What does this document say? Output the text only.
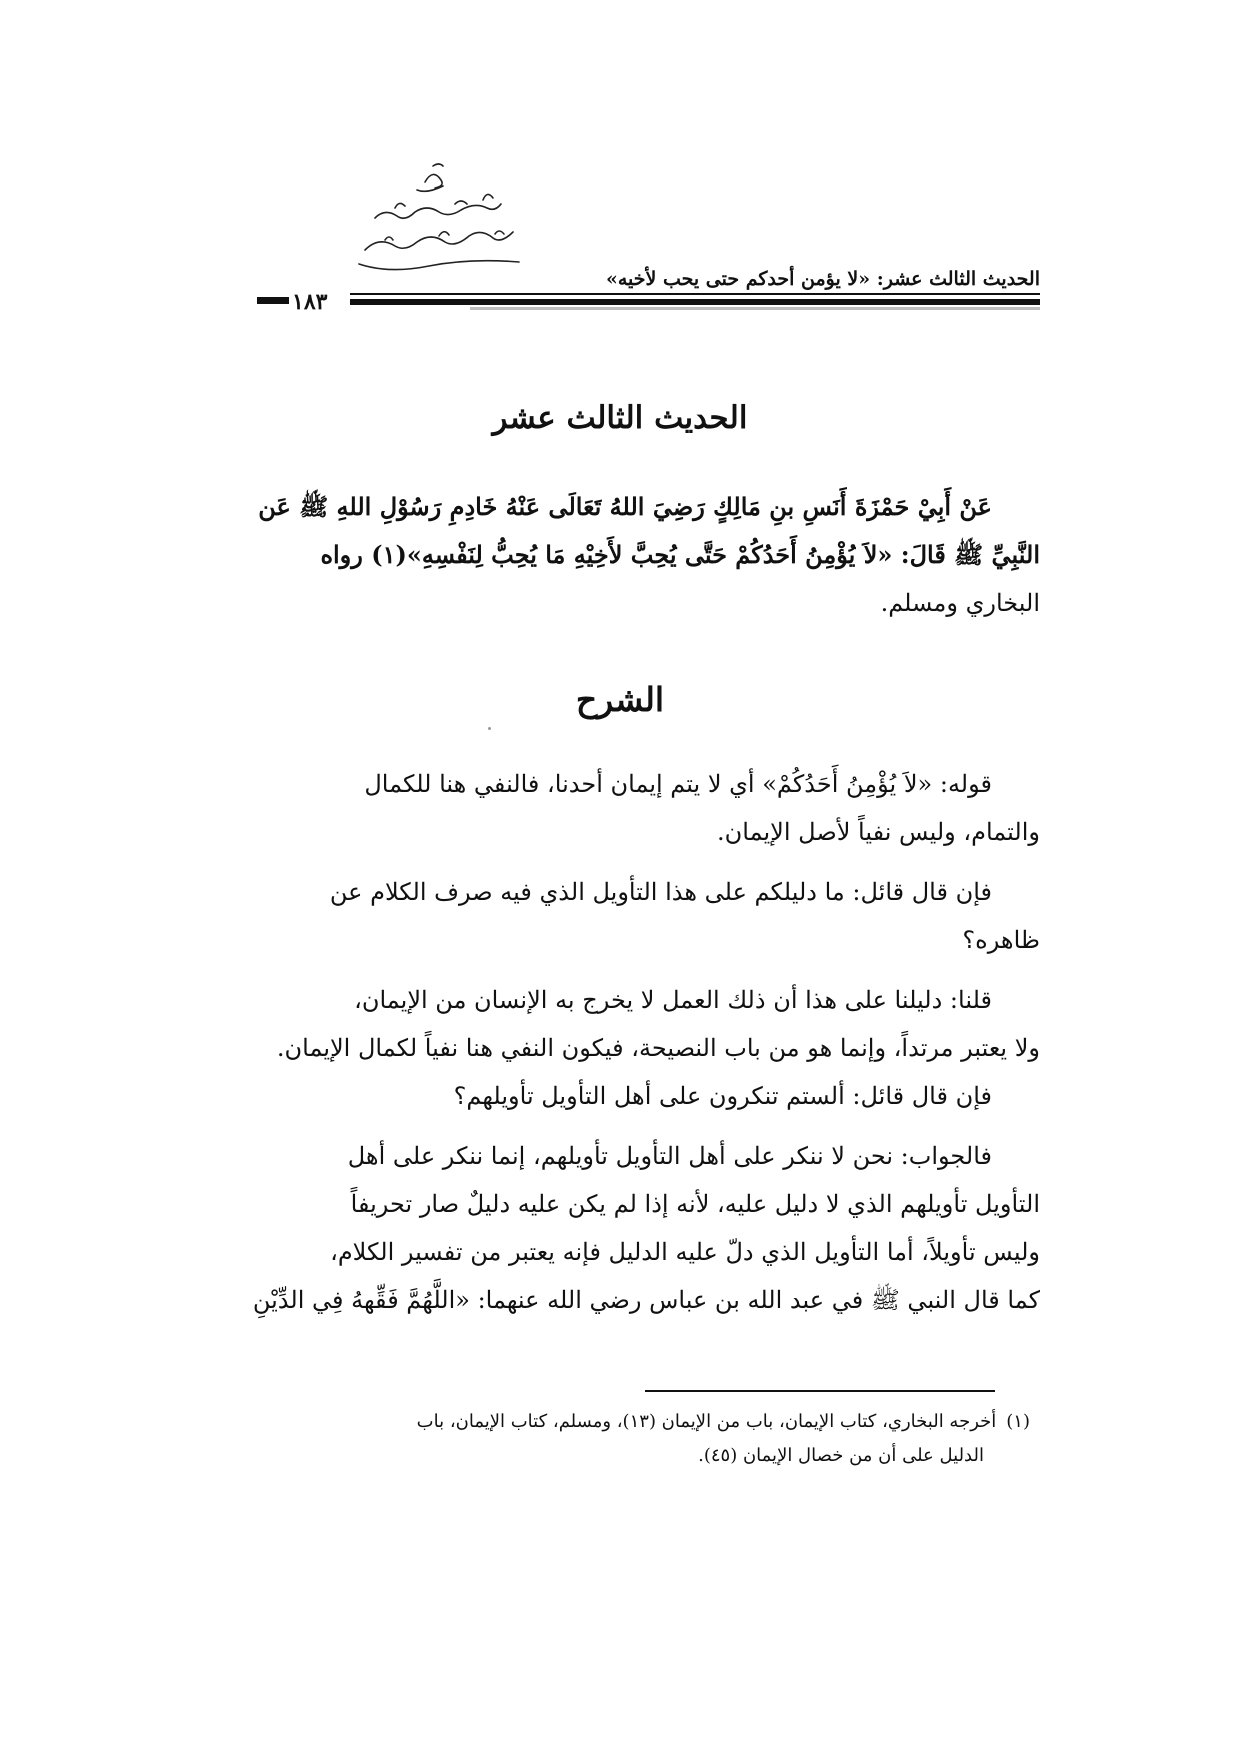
الحديث الثالث عشر: «لا يؤمن أحدكم حتى يحب لأخيه»
١٨٣
الحديث الثالث عشر
عَنْ أَبِيْ حَمْزَةَ أَنَسِ بنِ مَالِكٍ رَضِيَ اللهُ تَعَالَى عَنْهُ خَادِمِ رَسُوْلِ اللهِ ﷺ عَن
النَّبِيِّ ﷺ قَالَ: «لاَ يُؤْمِنُ أَحَدُكُمْ حَتَّى يُحِبَّ لأَخِيْهِ مَا يُحِبُّ لِنَفْسِهِ»(١) رواه
البخاري ومسلم.
الشرح
قوله: «لاَ يُؤْمِنُ أَحَدُكُمْ» أي لا يتم إيمان أحدنا، فالنفي هنا للكمال
والتمام، وليس نفياً لأصل الإيمان.
فإن قال قائل: ما دليلكم على هذا التأويل الذي فيه صرف الكلام عن
ظاهره؟
قلنا: دليلنا على هذا أن ذلك العمل لا يخرج به الإنسان من الإيمان،
ولا يعتبر مرتداً، وإنما هو من باب النصيحة، فيكون النفي هنا نفياً لكمال الإيمان.
فإن قال قائل: ألستم تنكرون على أهل التأويل تأويلهم؟
فالجواب: نحن لا ننكر على أهل التأويل تأويلهم، إنما ننكر على أهل
التأويل تأويلهم الذي لا دليل عليه، لأنه إذا لم يكن عليه دليلٌ صار تحريفاً
وليس تأويلاً، أما التأويل الذي دلّ عليه الدليل فإنه يعتبر من تفسير الكلام،
كما قال النبي ﷺ في عبد الله بن عباس رضي الله عنهما: «اللَّهُمَّ فَقِّههُ فِي الدِّيْنِ
(١)أخرجه البخاري، كتاب الإيمان، باب من الإيمان (١٣)، ومسلم، كتاب الإيمان، باب
الدليل على أن من خصال الإيمان (٤٥).
